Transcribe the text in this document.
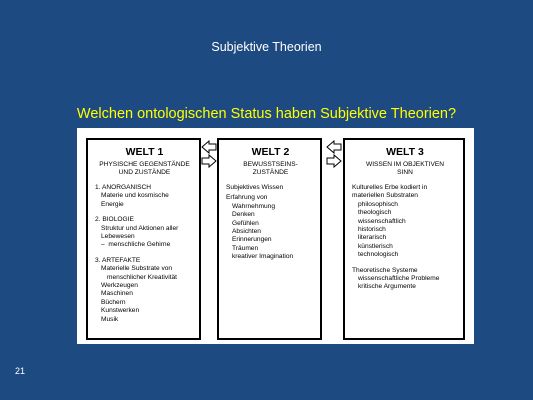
Subjektive Theorien
Welchen ontologischen Status haben Subjektive Theorien?
WELT 1
PHYSISCHE GEGENSTÄNDE
UND ZUSTÄNDE
1. ANORGANISCH
Materie und kosmische
Energie
2. BIOLOGIE
Struktur und Aktionen aller
Lebewesen
–  menschliche Gehirne
3. ARTEFAKTE
Materielle Substrate von
menschlicher Kreativität
Werkzeugen
Maschinen
Büchern
Kunstwerken
Musik
WELT 2
BEWUSSTSEINS-
ZUSTÄNDE
Subjektives Wissen
Erfahrung von
Wahrnehmung
Denken
Gefühlen
Absichten
Erinnerungen
Träumen
kreativer Imagination
WELT 3
WISSEN IM OBJEKTIVEN
SINN
Kulturelles Erbe kodiert in
materiellen Substraten
philosophisch
theologisch
wissenschaftlich
historisch
literarisch
künstlerisch
technologisch
Theoretische Systeme
wissenschaftliche Probleme
kritische Argumente
21
